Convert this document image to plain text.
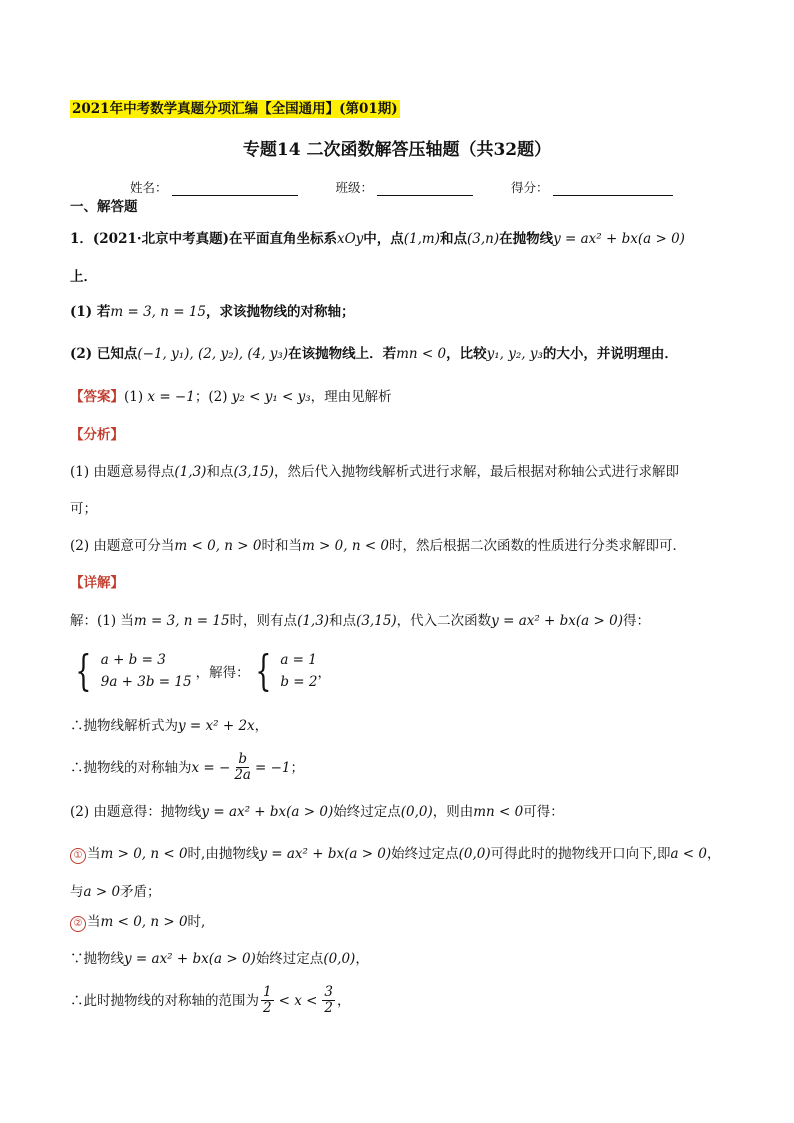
2021年中考数学真题分项汇编【全国通用】(第01期)
专题14 二次函数解答压轴题（共32题）
姓名：	班级：	得分：
一、解答题
1．(2021·北京中考真题)在平面直角坐标系xOy中，点(1,m)和点(3,n)在抛物线y = ax² + bx(a > 0)
上．
(1) 若m = 3, n = 15，求该抛物线的对称轴；
(2) 已知点(−1, y₁), (2, y₂), (4, y₃)在该抛物线上．若mn < 0，比较y₁, y₂, y₃的大小，并说明理由．
【答案】(1) x = −1；(2) y₂ < y₁ < y₃，理由见解析
【分析】
(1) 由题意易得点(1,3)和点(3,15)，然后代入抛物线解析式进行求解，最后根据对称轴公式进行求解即
可；
(2) 由题意可分当m < 0, n > 0时和当m > 0, n < 0时，然后根据二次函数的性质进行分类求解即可．
【详解】
解：(1) 当m = 3, n = 15时，则有点(1,3)和点(3,15)，代入二次函数y = ax² + bx(a > 0)得：
{ a + b = 3
9a + 3b = 15
，解得： { a = 1
b = 2
，
∴抛物线解析式为y = x² + 2x，
∴抛物线的对称轴为 x = − $\frac{b}{2a} = -1$ ；
(2) 由题意得：抛物线y = ax² + bx(a > 0)始终过定点(0,0)，则由mn < 0可得：
① 当m > 0, n < 0时,由抛物线y = ax² + bx(a > 0)始终过定点(0,0)可得此时的抛物线开口向下,即a < 0，
与a > 0矛盾；
② 当m < 0, n > 0时,
∵抛物线y = ax² + bx(a > 0)始终过定点(0,0)，
∴此时抛物线的对称轴的范围为 $\frac{1}{2} < x < \frac{3}{2}$ ，
